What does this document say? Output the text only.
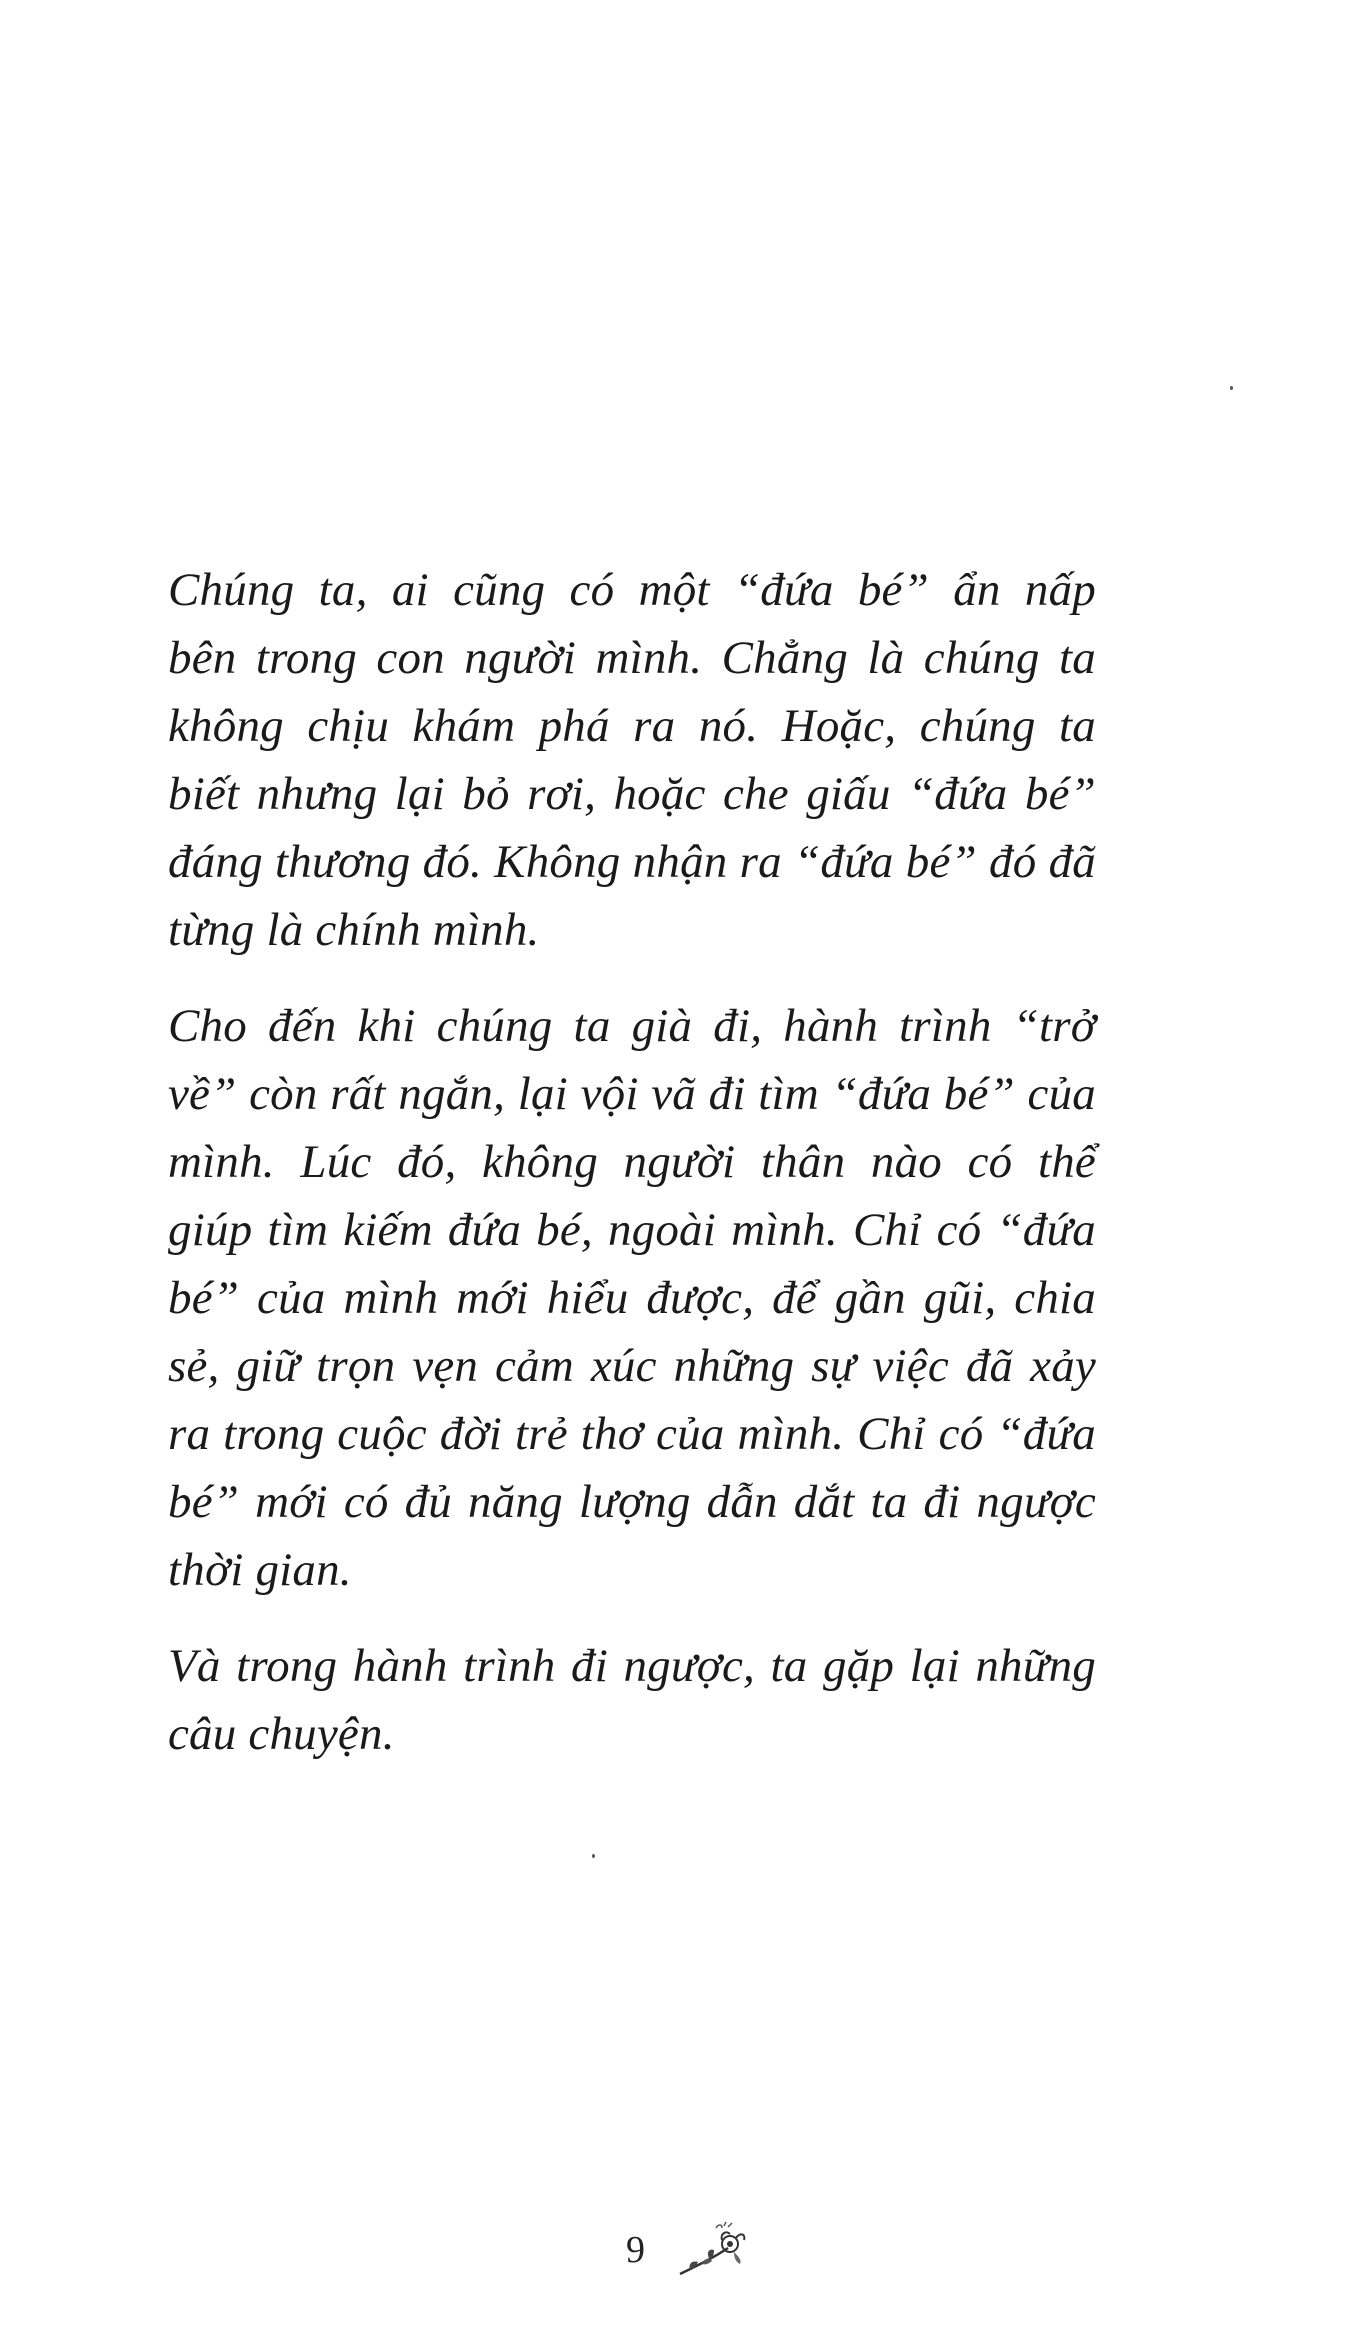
Chúng ta, ai cũng có một “đứa bé” ẩn nấp
bên trong con người mình. Chẳng là chúng ta
không chịu khám phá ra nó. Hoặc, chúng ta
biết nhưng lại bỏ rơi, hoặc che giấu “đứa bé”
đáng thương đó. Không nhận ra “đứa bé” đó đã
từng là chính mình.

Cho đến khi chúng ta già đi, hành trình “trở
về” còn rất ngắn, lại vội vã đi tìm “đứa bé” của
mình. Lúc đó, không người thân nào có thể
giúp tìm kiếm đứa bé, ngoài mình. Chỉ có “đứa
bé” của mình mới hiểu được, để gần gũi, chia
sẻ, giữ trọn vẹn cảm xúc những sự việc đã xảy
ra trong cuộc đời trẻ thơ của mình. Chỉ có “đứa
bé” mới có đủ năng lượng dẫn dắt ta đi ngược
thời gian.

Và trong hành trình đi ngược, ta gặp lại những
câu chuyện.

9
